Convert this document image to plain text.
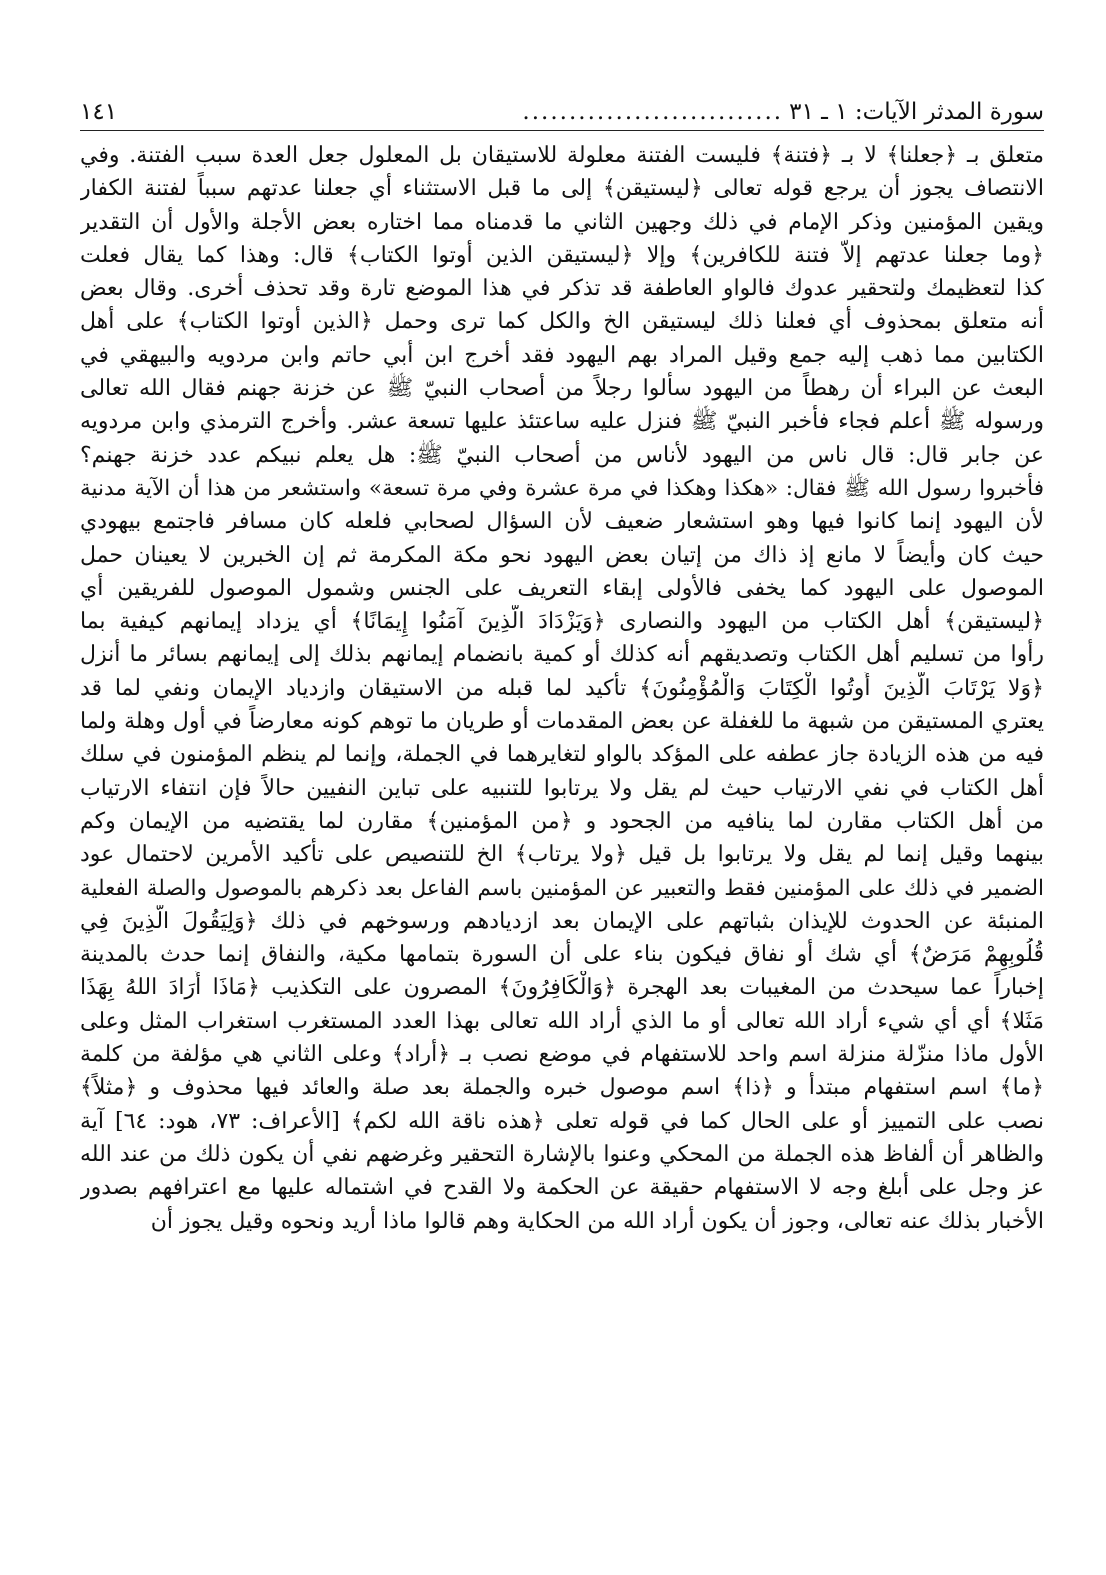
سورة المدثر الآيات: ١ ـ ٣١
............................
١٤١
متعلق بـ ﴿جعلنا﴾ لا بـ ﴿فتنة﴾ فليست الفتنة معلولة للاستيقان بل المعلول جعل العدة سبب الفتنة. وفي
الانتصاف يجوز أن يرجع قوله تعالى ﴿ليستيقن﴾ إلى ما قبل الاستثناء أي جعلنا عدتهم سبباً لفتنة الكفار
ويقين المؤمنين وذكر الإمام في ذلك وجهين الثاني ما قدمناه مما اختاره بعض الأجلة والأول أن التقدير
﴿وما جعلنا عدتهم إلاّ فتنة للكافرين﴾ وإلا ﴿ليستيقن الذين أوتوا الكتاب﴾ قال: وهذا كما يقال فعلت
كذا لتعظيمك ولتحقير عدوك فالواو العاطفة قد تذكر في هذا الموضع تارة وقد تحذف أخرى. وقال بعض
أنه متعلق بمحذوف أي فعلنا ذلك ليستيقن الخ والكل كما ترى وحمل ﴿الذين أوتوا الكتاب﴾ على أهل
الكتابين مما ذهب إليه جمع وقيل المراد بهم اليهود فقد أخرج ابن أبي حاتم وابن مردويه والبيهقي في
البعث عن البراء أن رهطاً من اليهود سألوا رجلاً من أصحاب النبيّ ﷺ عن خزنة جهنم فقال الله تعالى
ورسوله ﷺ أعلم فجاء فأخبر النبيّ ﷺ فنزل عليه ساعتئذ عليها تسعة عشر. وأخرج الترمذي وابن مردويه
عن جابر قال: قال ناس من اليهود لأناس من أصحاب النبيّ ﷺ: هل يعلم نبيكم عدد خزنة جهنم؟
فأخبروا رسول الله ﷺ فقال: «هكذا وهكذا في مرة عشرة وفي مرة تسعة» واستشعر من هذا أن الآية مدنية
لأن اليهود إنما كانوا فيها وهو استشعار ضعيف لأن السؤال لصحابي فلعله كان مسافر فاجتمع بيهودي
حيث كان وأيضاً لا مانع إذ ذاك من إتيان بعض اليهود نحو مكة المكرمة ثم إن الخبرين لا يعينان حمل
الموصول على اليهود كما يخفى فالأولى إبقاء التعريف على الجنس وشمول الموصول للفريقين أي
﴿ليستيقن﴾ أهل الكتاب من اليهود والنصارى ﴿وَيَزْدَادَ الَّذِينَ آمَنُوا إِيمَانًا﴾ أي يزداد إيمانهم كيفية بما
رأوا من تسليم أهل الكتاب وتصديقهم أنه كذلك أو كمية بانضمام إيمانهم بذلك إلى إيمانهم بسائر ما أنزل
﴿وَلا يَرْتَابَ الَّذِينَ أُوتُوا الْكِتَابَ وَالْمُؤْمِنُونَ﴾ تأكيد لما قبله من الاستيقان وازدياد الإيمان ونفي لما قد
يعتري المستيقن من شبهة ما للغفلة عن بعض المقدمات أو طريان ما توهم كونه معارضاً في أول وهلة ولما
فيه من هذه الزيادة جاز عطفه على المؤكد بالواو لتغايرهما في الجملة، وإنما لم ينظم المؤمنون في سلك
أهل الكتاب في نفي الارتياب حيث لم يقل ولا يرتابوا للتنبيه على تباين النفيين حالاً فإن انتفاء الارتياب
من أهل الكتاب مقارن لما ينافيه من الجحود و ﴿من المؤمنين﴾ مقارن لما يقتضيه من الإيمان وكم
بينهما وقيل إنما لم يقل ولا يرتابوا بل قيل ﴿ولا يرتاب﴾ الخ للتنصيص على تأكيد الأمرين لاحتمال عود
الضمير في ذلك على المؤمنين فقط والتعبير عن المؤمنين باسم الفاعل بعد ذكرهم بالموصول والصلة الفعلية
المنبئة عن الحدوث للإيذان بثباتهم على الإيمان بعد ازديادهم ورسوخهم في ذلك ﴿وَلِيَقُولَ الَّذِينَ فِي
قُلُوبِهِمْ مَرَضٌ﴾ أي شك أو نفاق فيكون بناء على أن السورة بتمامها مكية، والنفاق إنما حدث بالمدينة
إخباراً عما سيحدث من المغيبات بعد الهجرة ﴿وَالْكَافِرُونَ﴾ المصرون على التكذيب ﴿مَاذَا أَرَادَ اللهُ بِهَذَا
مَثَلا﴾ أي أي شيء أراد الله تعالى أو ما الذي أراد الله تعالى بهذا العدد المستغرب استغراب المثل وعلى
الأول ماذا منزّلة منزلة اسم واحد للاستفهام في موضع نصب بـ ﴿أراد﴾ وعلى الثاني هي مؤلفة من كلمة
﴿ما﴾ اسم استفهام مبتدأ و ﴿ذا﴾ اسم موصول خبره والجملة بعد صلة والعائد فيها محذوف و ﴿مثلاً﴾
نصب على التمييز أو على الحال كما في قوله تعلى ﴿هذه ناقة الله لكم﴾ [الأعراف: ٧٣، هود: ٦٤] آية
والظاهر أن ألفاظ هذه الجملة من المحكي وعنوا بالإشارة التحقير وغرضهم نفي أن يكون ذلك من عند الله
عز وجل على أبلغ وجه لا الاستفهام حقيقة عن الحكمة ولا القدح في اشتماله عليها مع اعترافهم بصدور
الأخبار بذلك عنه تعالى، وجوز أن يكون أراد الله من الحكاية وهم قالوا ماذا أريد ونحوه وقيل يجوز أن
